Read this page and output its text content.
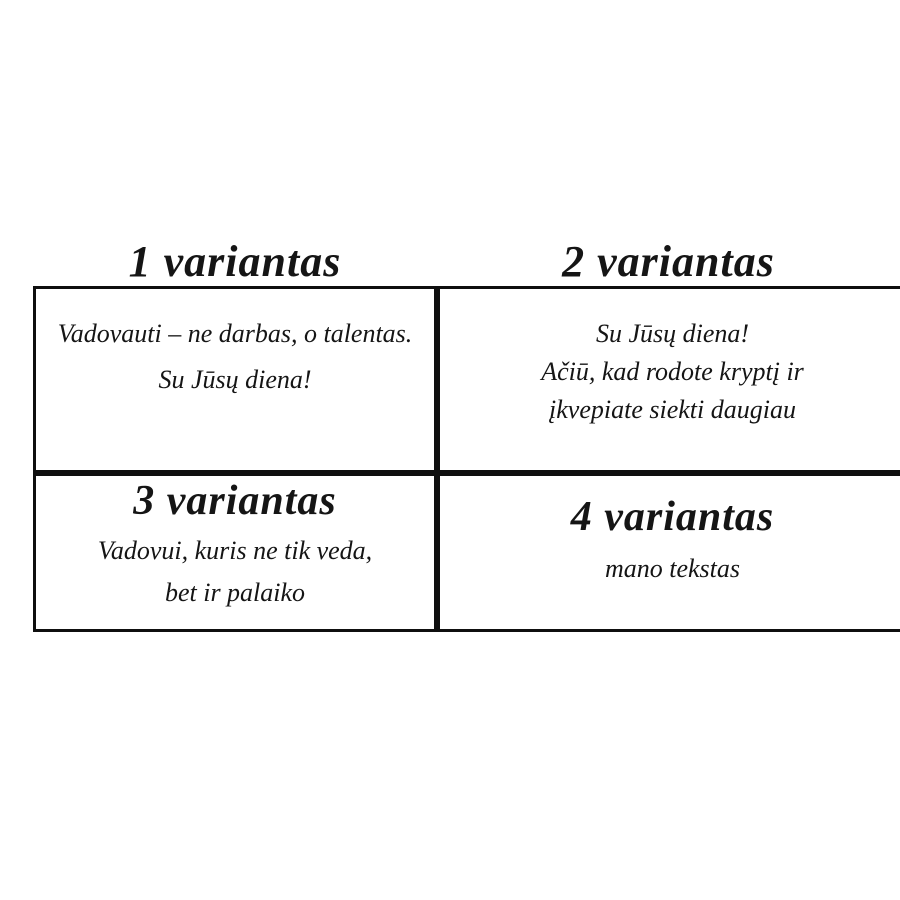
1 variantas	2 variantas

Vadovauti – ne darbas, o talentas.

Su Jūsų diena!

Su Jūsų diena!

Ačiū, kad rodote kryptį ir

įkvepiate siekti daugiau

3 variantas

Vadovui, kuris ne tik veda,

bet ir palaiko

4 variantas

mano tekstas
